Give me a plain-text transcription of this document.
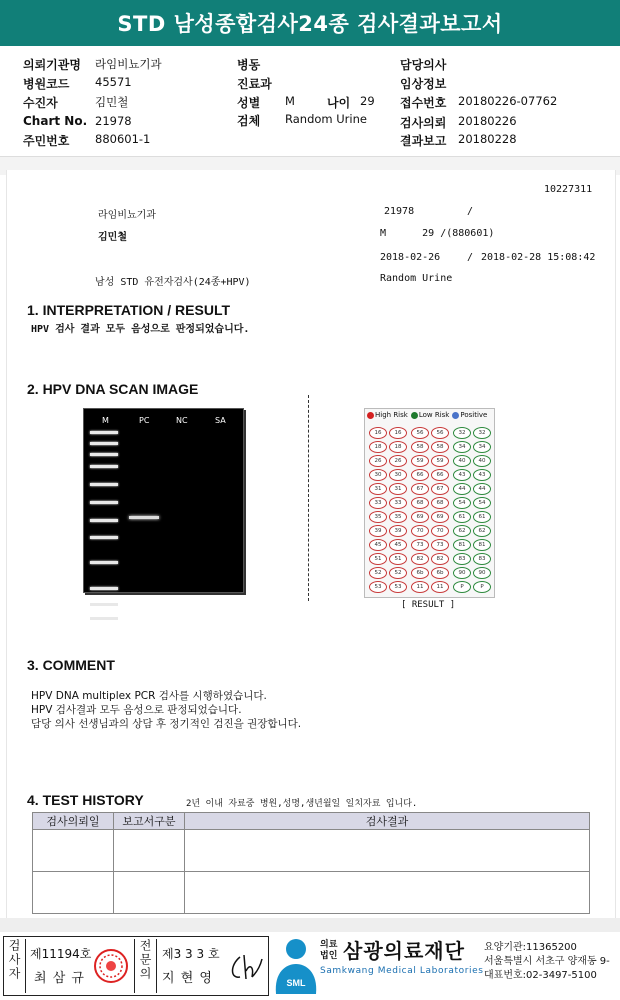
STD 남성종합검사24종 검사결과보고서
의뢰기관명 라임비뇨기과
병원코드 45571
수진자	김민철
Chart No. 21978
주민번호 880601-1
병동
진료과
성별 M	나이 29
검체 Random Urine
담당의사
임상정보
접수번호 20180226-07762
검사의뢰 20180226
결과보고 20180228
10227311
라임비뇨기과	21978	/
김민철	M      29 /(880601)
2018-02-26	/ 2018-02-28 15:08:42
남성 STD 유전자검사(24종+HPV)	Random Urine
1. INTERPRETATION / RESULT
HPV 검사 결과 모두 음성으로 판정되었습니다.
2. HPV DNA SCAN IMAGE
M	PC	NC	SA
High Risk Low Risk Positive
16	16	56	56	32	32
18	18	58	58	34	34
26	26	59	59	40	40
30	30	66	66	43	43
31	31	67	67	44	44
33	33	68	68	54	54
35	35	69	69	61	61
39	39	70	70	62	62
45	45	73	73	81	81
51	51	82	82	83	83
52	52	6b	6b	90	90
53	53	11	11	P	P
[ RESULT ]
3. COMMENT
HPV DNA multiplex PCR 검사를 시행하였습니다.
HPV 검사결과 모두 음성으로 판정되었습니다.
담당 의사 선생님과의 상담 후 정기적인 검진을 권장합니다.
4. TEST HISTORY	2년 이내 자료중 병원,성명,생년월일 일치자료 입니다.
검사의뢰일	보고서구분	검사결과

검사자 제11194호
최 삼 규	전문의 제3 3 3 호
지 현 영	SML
의료
법인 삼광의료재단
Samkwang Medical Laboratories
요양기관:11365200
서울특별시 서초구 양재동 9-
대표번호:02-3497-5100
